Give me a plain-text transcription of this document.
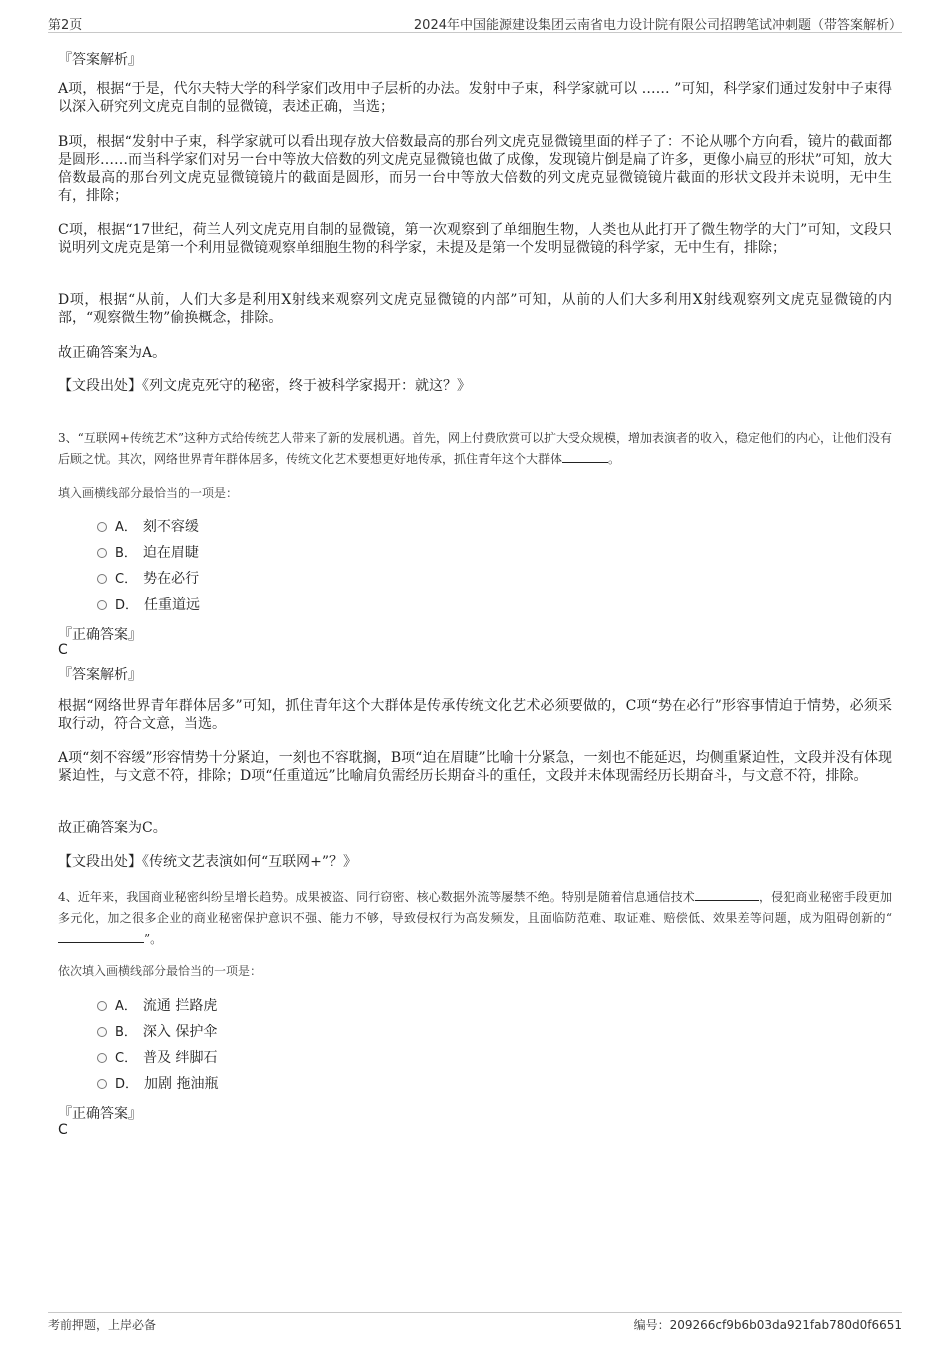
第2页	2024年中国能源建设集团云南省电力设计院有限公司招聘笔试冲刺题（带答案解析）
『答案解析』
A项，根据“于是，代尔夫特大学的科学家们改用中子层析的办法。发射中子束，科学家就可以 …… ”可知，科学家们通过发射中子束得以深入研究列文虎克自制的显微镜，表述正确，当选；
B项，根据“发射中子束，科学家就可以看出现存放大倍数最高的那台列文虎克显微镜里面的样子了：不论从哪个方向看，镜片的截面都是圆形……而当科学家们对另一台中等放大倍数的列文虎克显微镜也做了成像，发现镜片倒是扁了许多，更像小扁豆的形状”可知，放大倍数最高的那台列文虎克显微镜镜片的截面是圆形，而另一台中等放大倍数的列文虎克显微镜镜片截面的形状文段并未说明，无中生有，排除；
C项，根据“17世纪，荷兰人列文虎克用自制的显微镜，第一次观察到了单细胞生物，人类也从此打开了微生物学的大门”可知，文段只说明列文虎克是第一个利用显微镜观察单细胞生物的科学家，未提及是第一个发明显微镜的科学家，无中生有，排除；
D项，根据“从前，人们大多是利用X射线来观察列文虎克显微镜的内部”可知，从前的人们大多利用X射线观察列文虎克显微镜的内部，“观察微生物”偷换概念，排除。
故正确答案为A。
【文段出处】《列文虎克死守的秘密，终于被科学家揭开：就这？》
3、“互联网+传统艺术”这种方式给传统艺人带来了新的发展机遇。首先，网上付费欣赏可以扩大受众规模，增加表演者的收入，稳定他们的内心，让他们没有后顾之忧。其次，网络世界青年群体居多，传统文化艺术要想更好地传承，抓住青年这个大群体	。
填入画横线部分最恰当的一项是：
A． 刻不容缓
B． 迫在眉睫
C． 势在必行
D． 任重道远
『正确答案』
C
『答案解析』
根据“网络世界青年群体居多”可知，抓住青年这个大群体是传承传统文化艺术必须要做的，C项“势在必行”形容事情迫于情势，必须采取行动，符合文意，当选。
A项“刻不容缓”形容情势十分紧迫，一刻也不容耽搁，B项“迫在眉睫”比喻十分紧急，一刻也不能延迟，均侧重紧迫性，文段并没有体现紧迫性，与文意不符，排除；D项“任重道远”比喻肩负需经历长期奋斗的重任，文段并未体现需经历长期奋斗，与文意不符，排除。
故正确答案为C。
【文段出处】《传统文艺表演如何“互联网+”？》
4、近年来，我国商业秘密纠纷呈增长趋势。成果被盗、同行窃密、核心数据外流等屡禁不绝。特别是随着信息通信技术	，侵犯商业秘密手段更加多元化，加之很多企业的商业秘密保护意识不强、能力不够，导致侵权行为高发频发，且面临防范难、取证难、赔偿低、效果差等问题，成为阻碍创新的“”。
依次填入画横线部分最恰当的一项是：
A． 流通 拦路虎
B． 深入 保护伞
C． 普及 绊脚石
D． 加剧 拖油瓶
『正确答案』
C
考前押题，上岸必备	编号：209266cf9b6b03da921fab780d0f6651
